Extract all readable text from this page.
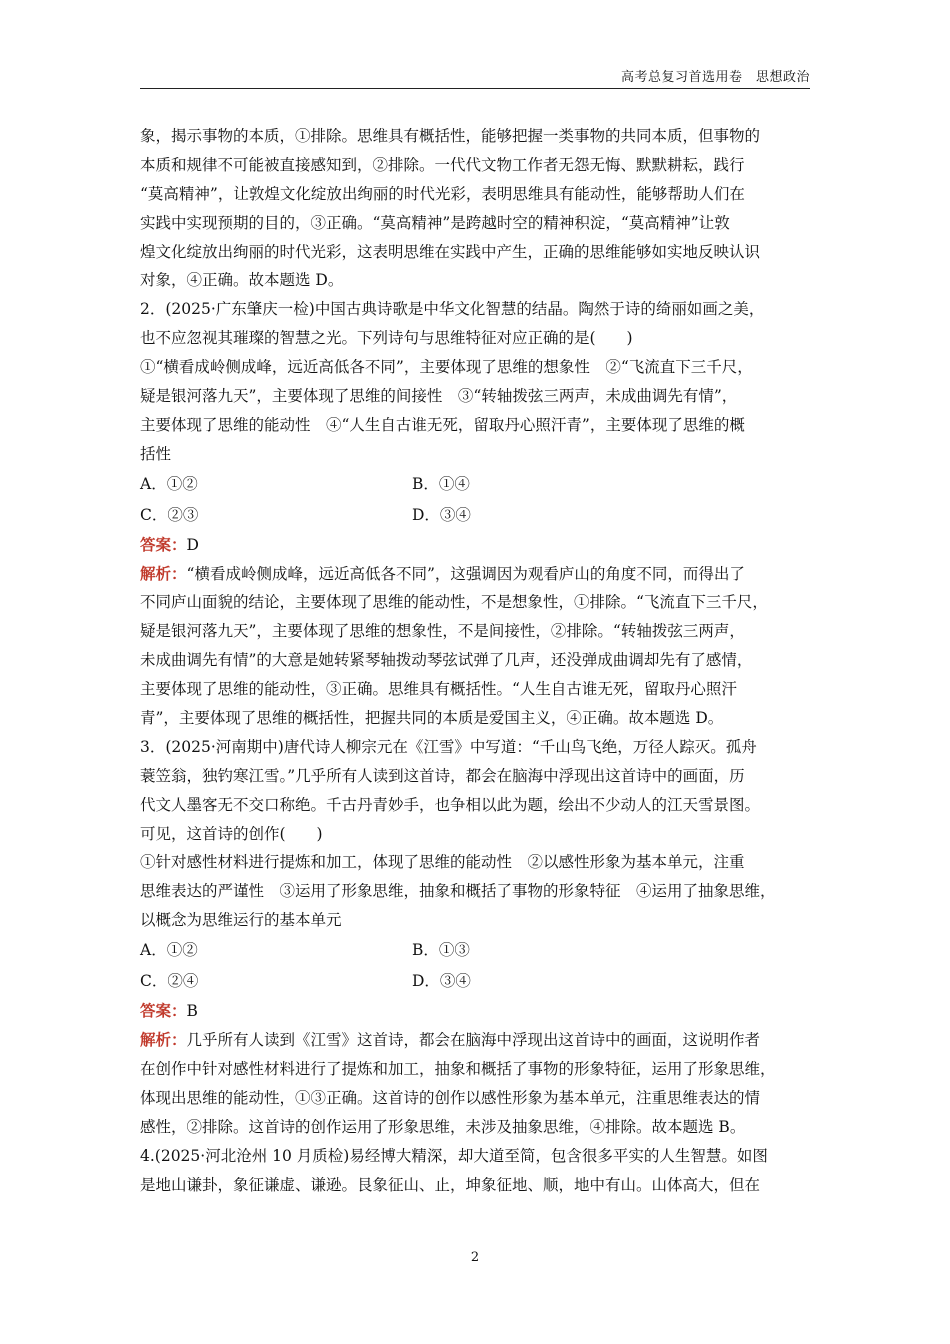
高考总复习首选用卷　思想政治
象，揭示事物的本质，①排除。思维具有概括性，能够把握一类事物的共同本质，但事物的
本质和规律不可能被直接感知到，②排除。一代代文物工作者无怨无悔、默默耕耘，践行
“莫高精神”，让敦煌文化绽放出绚丽的时代光彩，表明思维具有能动性，能够帮助人们在
实践中实现预期的目的，③正确。“莫高精神”是跨越时空的精神积淀，“莫高精神”让敦
煌文化绽放出绚丽的时代光彩，这表明思维在实践中产生，正确的思维能够如实地反映认识
对象，④正确。故本题选 D。
2．(2025·广东肇庆一检)中国古典诗歌是中华文化智慧的结晶。陶然于诗的绮丽如画之美，
也不应忽视其璀璨的智慧之光。下列诗句与思维特征对应正确的是(　　)
①“横看成岭侧成峰，远近高低各不同”，主要体现了思维的想象性　②“飞流直下三千尺，
疑是银河落九天”，主要体现了思维的间接性　③“转轴拨弦三两声，未成曲调先有情”，
主要体现了思维的能动性　④“人生自古谁无死，留取丹心照汗青”，主要体现了思维的概
括性
A．①②	B．①④
C．②③	D．③④
答案：D
解析：“横看成岭侧成峰，远近高低各不同”，这强调因为观看庐山的角度不同，而得出了
不同庐山面貌的结论，主要体现了思维的能动性，不是想象性，①排除。“飞流直下三千尺，
疑是银河落九天”，主要体现了思维的想象性，不是间接性，②排除。“转轴拨弦三两声，
未成曲调先有情”的大意是她转紧琴轴拨动琴弦试弹了几声，还没弹成曲调却先有了感情，
主要体现了思维的能动性，③正确。思维具有概括性。“人生自古谁无死，留取丹心照汗
青”，主要体现了思维的概括性，把握共同的本质是爱国主义，④正确。故本题选 D。
3．(2025·河南期中)唐代诗人柳宗元在《江雪》中写道：“千山鸟飞绝，万径人踪灭。孤舟
蓑笠翁，独钓寒江雪。”几乎所有人读到这首诗，都会在脑海中浮现出这首诗中的画面，历
代文人墨客无不交口称绝。千古丹青妙手，也争相以此为题，绘出不少动人的江天雪景图。
可见，这首诗的创作(　　)
①针对感性材料进行提炼和加工，体现了思维的能动性　②以感性形象为基本单元，注重
思维表达的严谨性　③运用了形象思维，抽象和概括了事物的形象特征　④运用了抽象思维，
以概念为思维运行的基本单元
A．①②	B．①③
C．②④	D．③④
答案：B
解析：几乎所有人读到《江雪》这首诗，都会在脑海中浮现出这首诗中的画面，这说明作者
在创作中针对感性材料进行了提炼和加工，抽象和概括了事物的形象特征，运用了形象思维，
体现出思维的能动性，①③正确。这首诗的创作以感性形象为基本单元，注重思维表达的情
感性，②排除。这首诗的创作运用了形象思维，未涉及抽象思维，④排除。故本题选 B。
4.(2025·河北沧州 10 月质检)易经博大精深，却大道至简，包含很多平实的人生智慧。如图
是地山谦卦，象征谦虚、谦逊。艮象征山、止，坤象征地、顺，地中有山。山体高大，但在
2
